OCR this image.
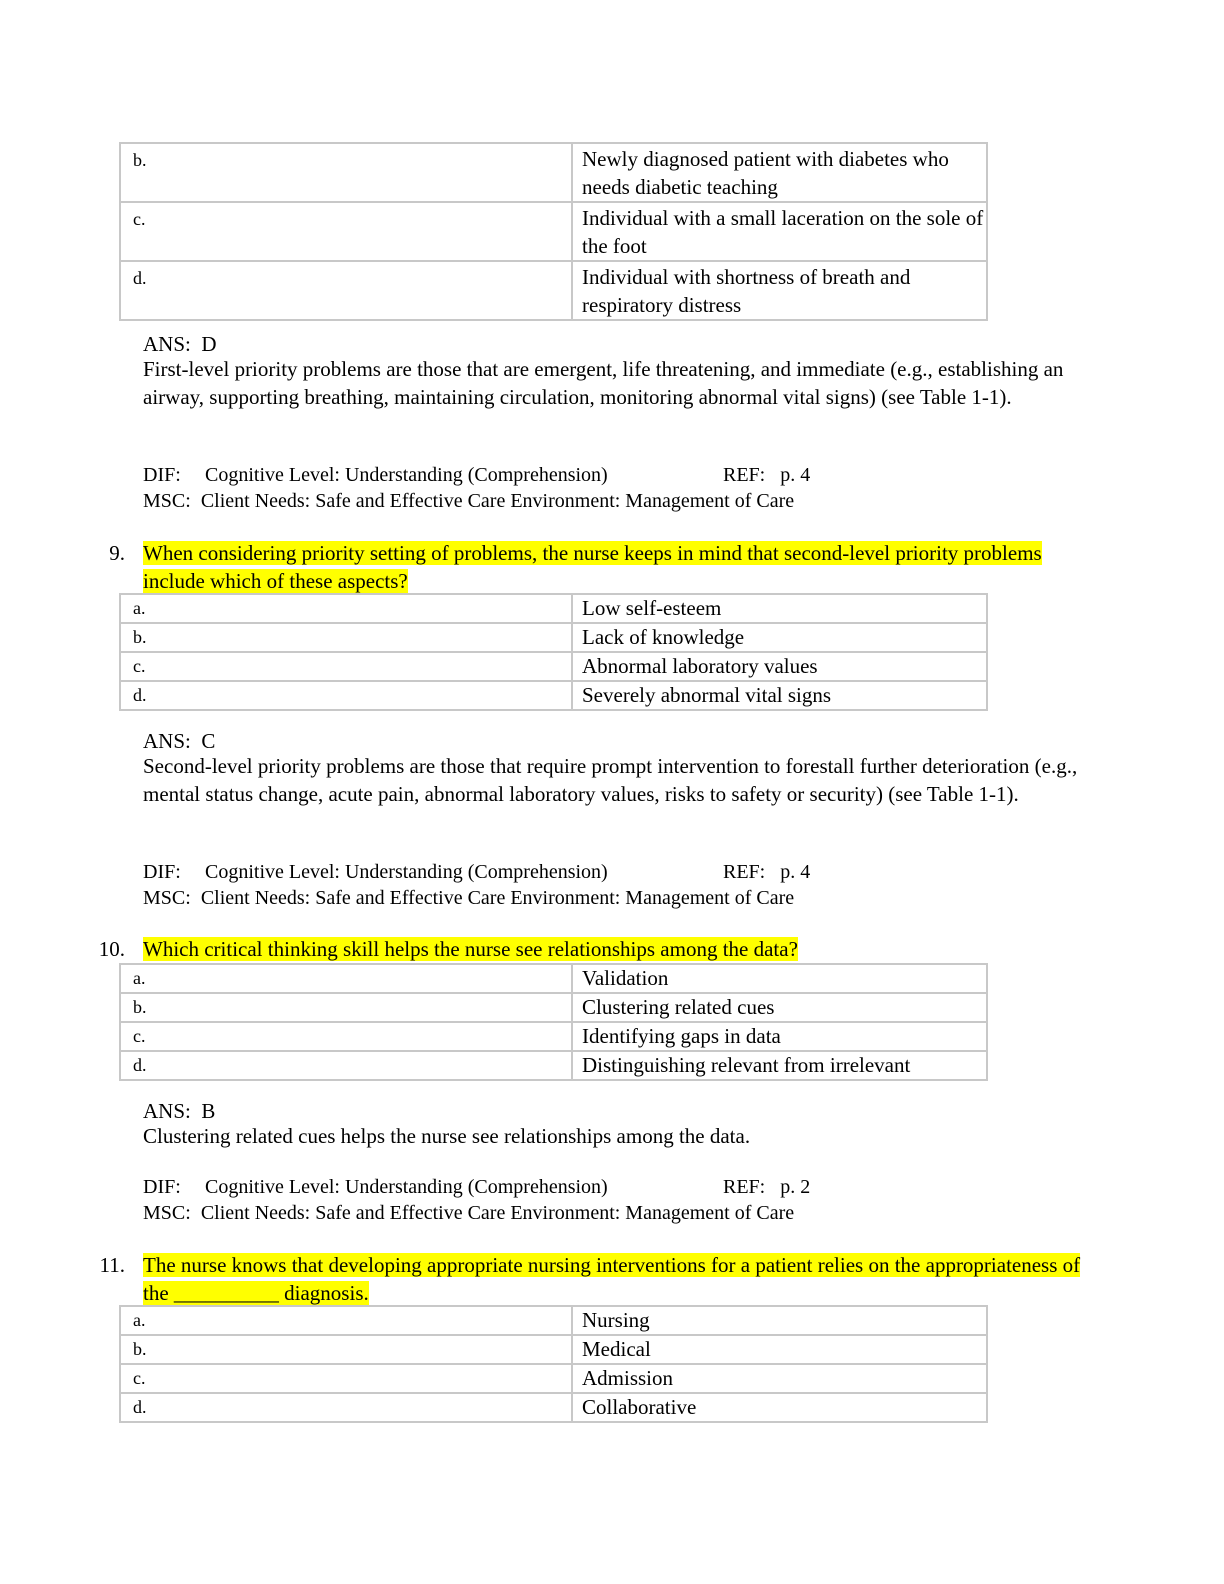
b.	Newly diagnosed patient with diabetes who needs diabetic teaching
c.	Individual with a small laceration on the sole of the foot
d.	Individual with shortness of breath and respiratory distress
ANS: D
First-level priority problems are those that are emergent, life threatening, and immediate (e.g., establishing an airway, supporting breathing, maintaining circulation, monitoring abnormal vital signs) (see Table 1-1).
DIF: Cognitive Level: Understanding (Comprehension)	REF: p. 4
MSC: Client Needs: Safe and Effective Care Environment: Management of Care
9. When considering priority setting of problems, the nurse keeps in mind that second-level priority problems include which of these aspects?
a.	Low self-esteem
b.	Lack of knowledge
c.	Abnormal laboratory values
d.	Severely abnormal vital signs
ANS: C
Second-level priority problems are those that require prompt intervention to forestall further deterioration (e.g., mental status change, acute pain, abnormal laboratory values, risks to safety or security) (see Table 1-1).
DIF: Cognitive Level: Understanding (Comprehension)	REF: p. 4
MSC: Client Needs: Safe and Effective Care Environment: Management of Care
10. Which critical thinking skill helps the nurse see relationships among the data?
a.	Validation
b.	Clustering related cues
c.	Identifying gaps in data
d.	Distinguishing relevant from irrelevant
ANS: B
Clustering related cues helps the nurse see relationships among the data.
DIF: Cognitive Level: Understanding (Comprehension)	REF: p. 2
MSC: Client Needs: Safe and Effective Care Environment: Management of Care
11. The nurse knows that developing appropriate nursing interventions for a patient relies on the appropriateness of the __________ diagnosis.
a.	Nursing
b.	Medical
c.	Admission
d.	Collaborative
